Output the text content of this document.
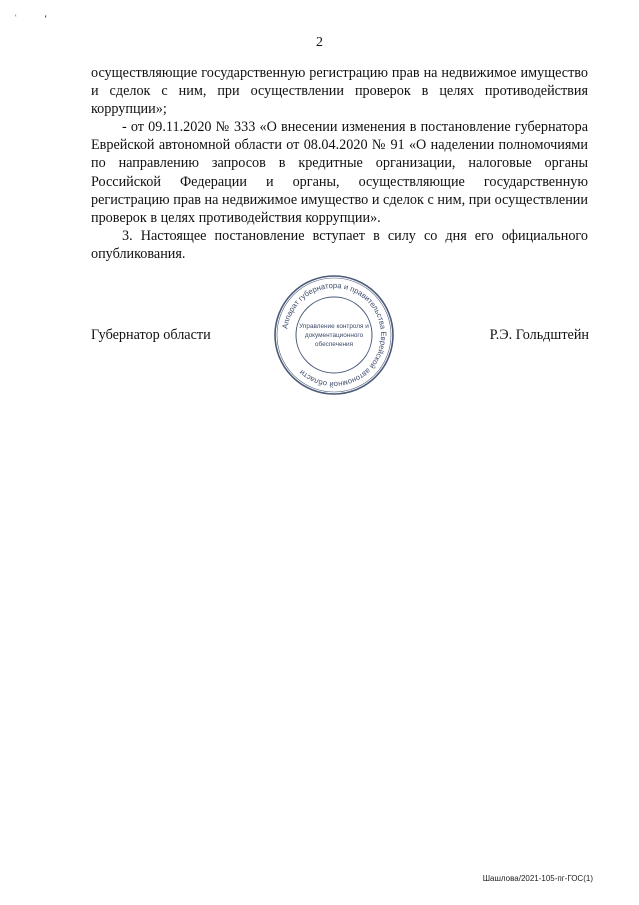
ʿ	ʻ
2

осуществляющие государственную регистрацию прав на недвижимое имущество и сделок с ним, при осуществлении проверок в целях противодействия коррупции»;

- от 09.11.2020 № 333 «О внесении изменения в постановление губернатора Еврейской автономной области от 08.04.2020 № 91 «О наделении полномочиями по направлению запросов в кредитные организации, налоговые органы Российской Федерации и органы, осуществляющие государственную регистрацию прав на недвижимое имущество и сделок с ним, при осуществлении проверок в целях противодействия коррупции».

3. Настоящее постановление вступает в силу со дня его официального опубликования.

Губернатор области	Р.Э. Гольдштейн
Аппарат губернатора и правительства Еврейской автономной области
Управление контроля и
документационного
обеспечения
Шашлова/2021-105-пг-ГОС(1)
